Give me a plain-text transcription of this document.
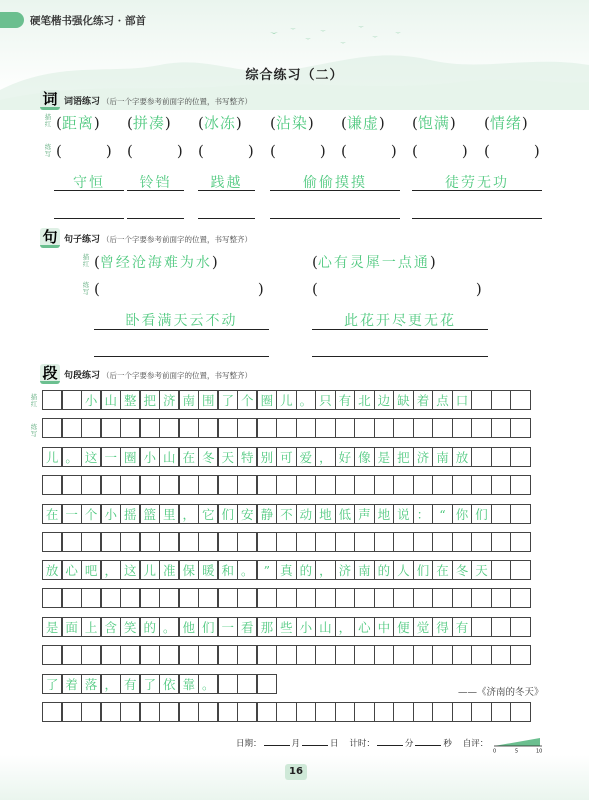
硬笔楷书强化练习 · 部首
综合练习（二）
词 词语练习 （后一个字要参考前面字的位置，书写整齐）
描红 (距离) (拼凑) (冰冻) (沾染) (谦虚) (饱满) (情绪)
练写 (	) (	) (	) (	) (	) (	) (	)
守恒	铃铛	践越	偷偷摸摸	徒劳无功
句 句子练习 （后一个字要参考前面字的位置，书写整齐）
描红
练写
(曾经沧海难为水)
(	)
(心有灵犀一点通)
(	)
卧看满天云不动	此花开尽更无花
段 句段练习 （后一个字要参考前面字的位置，书写整齐）
描红
练写
小 山 整 把 济 南 围 了 个 圈 儿 。 只 有 北 边 缺 着 点 口
儿 。 这 一 圈 小 山 在 冬 天 特 别 可 爱 ， 好 像 是 把 济 南 放
在 一 个 小 摇 篮 里 ， 它 们 安 静 不 动 地 低 声 地 说 ： “ 你 们
放 心 吧 ， 这 儿 准 保 暖 和 。 ” 真 的 ， 济 南 的 人 们 在 冬 天
是 面 上 含 笑 的 。 他 们 一 看 那 些 小 山 ， 心 中 便 觉 得 有
了 着 落 ， 有 了 依 靠 。
——《济南的冬天》
日期：	月	日 计时：	分	秒 自评：
0	5	10
16
